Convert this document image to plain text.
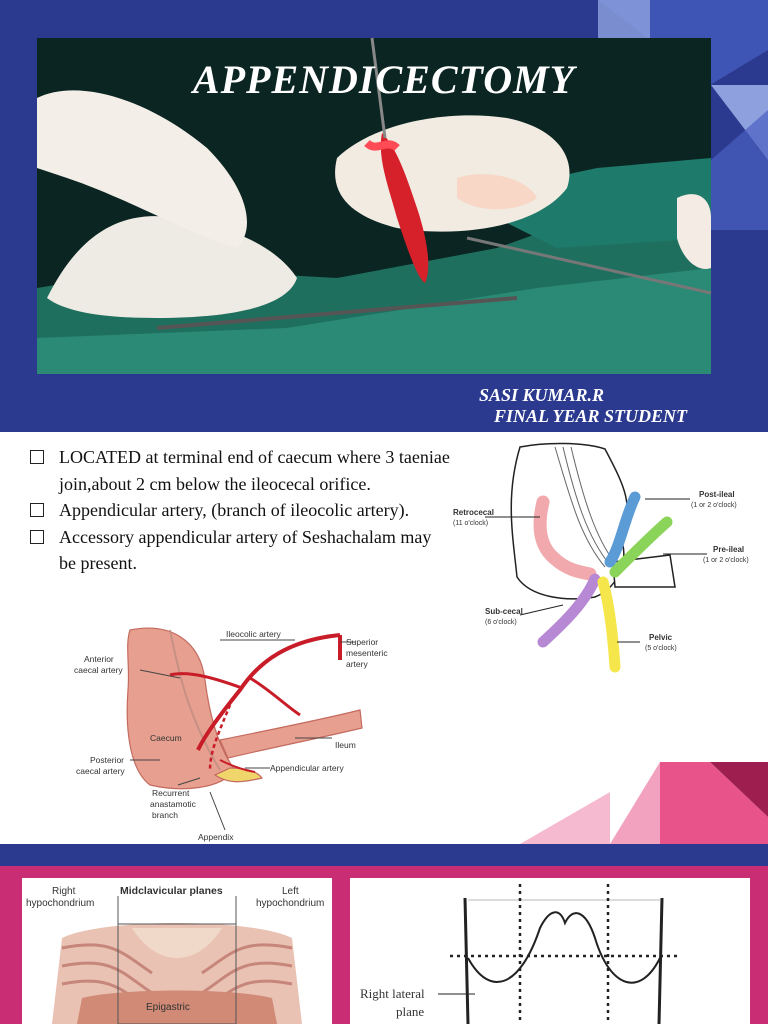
APPENDICECTOMY
SASI KUMAR.R
FINAL YEAR STUDENT
LOCATED at terminal end of caecum where 3 taeniae join,about 2 cm below the ileocecal orifice.
Appendicular artery, (branch of ileocolic artery).
Accessory appendicular artery of Seshachalam may be present.
Retrocecal
(11 o'clock)
Post-ileal
(1 or 2 o'clock)
Pre-ileal
(1 or 2 o'clock)
Sub-cecal
(6 o'clock)
Pelvic
(5 o'clock)
Ileocolic artery
Superior
mesenteric
artery
Anterior
caecal artery
Caecum
Ileum
Posterior
caecal artery	Appendicular artery
Recurrent
anastamotic
branch
Appendix
Right
hypochondrium
Midclavicular planes	Left
hypochondrium
Epigastric
Right lateral
plane
